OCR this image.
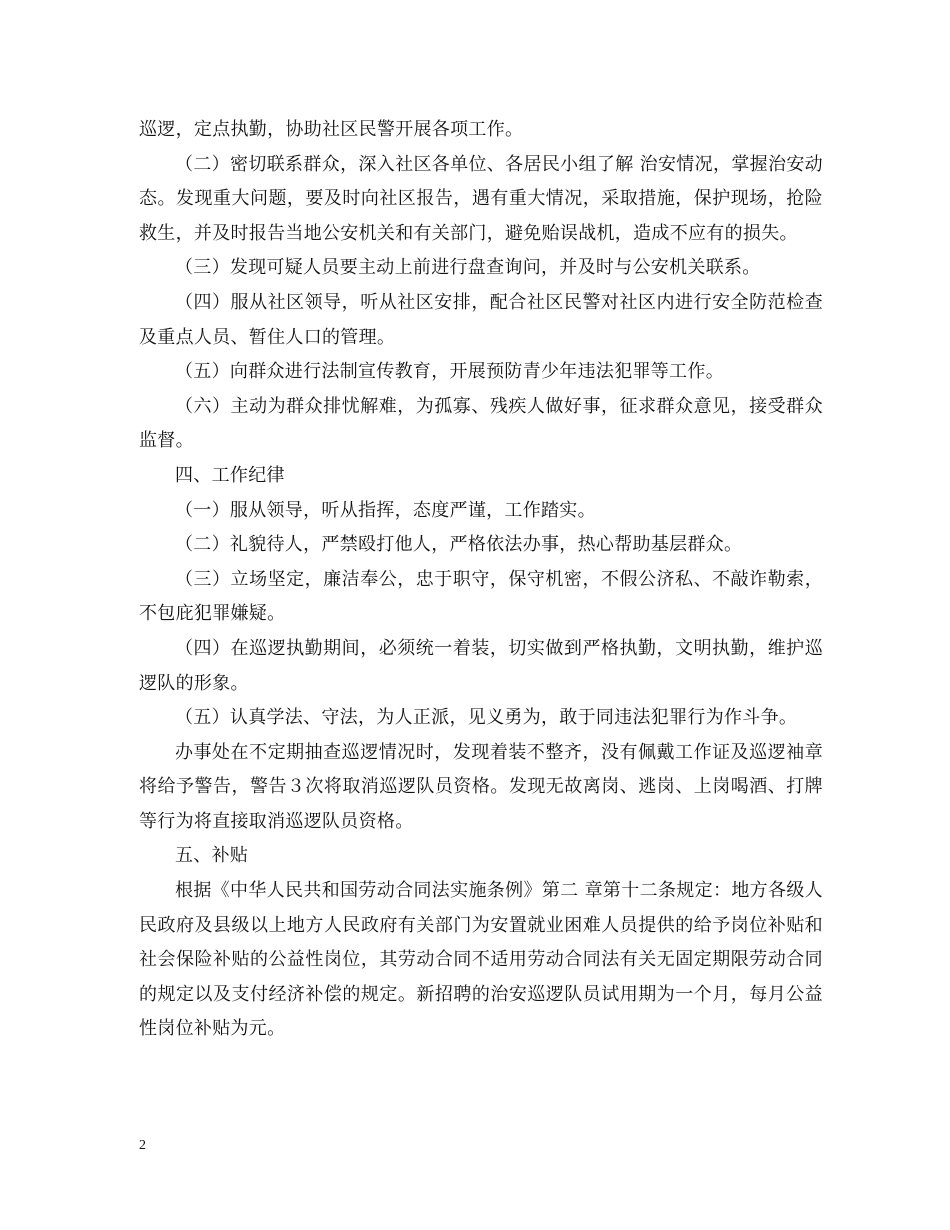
巡逻，定点执勤，协助社区民警开展各项工作。

（二）密切联系群众，深入社区各单位、各居民小组了解 治安情况，掌握治安动态。发现重大问题，要及时向社区报告，遇有重大情况，采取措施，保护现场，抢险救生，并及时报告当地公安机关和有关部门，避免贻误战机，造成不应有的损失。

（三）发现可疑人员要主动上前进行盘查询问，并及时与公安机关联系。

（四）服从社区领导，听从社区安排，配合社区民警对社区内进行安全防范检查及重点人员、暂住人口的管理。

（五）向群众进行法制宣传教育，开展预防青少年违法犯罪等工作。

（六）主动为群众排忧解难，为孤寡、残疾人做好事，征求群众意见，接受群众监督。

四、工作纪律

（一）服从领导，听从指挥，态度严谨，工作踏实。

（二）礼貌待人，严禁殴打他人，严格依法办事，热心帮助基层群众。

（三）立场坚定，廉洁奉公，忠于职守，保守机密，不假公济私、不敲诈勒索，不包庇犯罪嫌疑。

（四）在巡逻执勤期间，必须统一着装，切实做到严格执勤，文明执勤，维护巡逻队的形象。

（五）认真学法、守法，为人正派，见义勇为，敢于同违法犯罪行为作斗争。

办事处在不定期抽查巡逻情况时，发现着装不整齐，没有佩戴工作证及巡逻袖章将给予警告，警告３次将取消巡逻队员资格。发现无故离岗、逃岗、上岗喝酒、打牌等行为将直接取消巡逻队员资格。

五、补贴

根据《中华人民共和国劳动合同法实施条例》第二 章第十二条规定：地方各级人民政府及县级以上地方人民政府有关部门为安置就业困难人员提供的给予岗位补贴和社会保险补贴的公益性岗位，其劳动合同不适用劳动合同法有关无固定期限劳动合同的规定以及支付经济补偿的规定。新招聘的治安巡逻队员试用期为一个月，每月公益性岗位补贴为元。

2
